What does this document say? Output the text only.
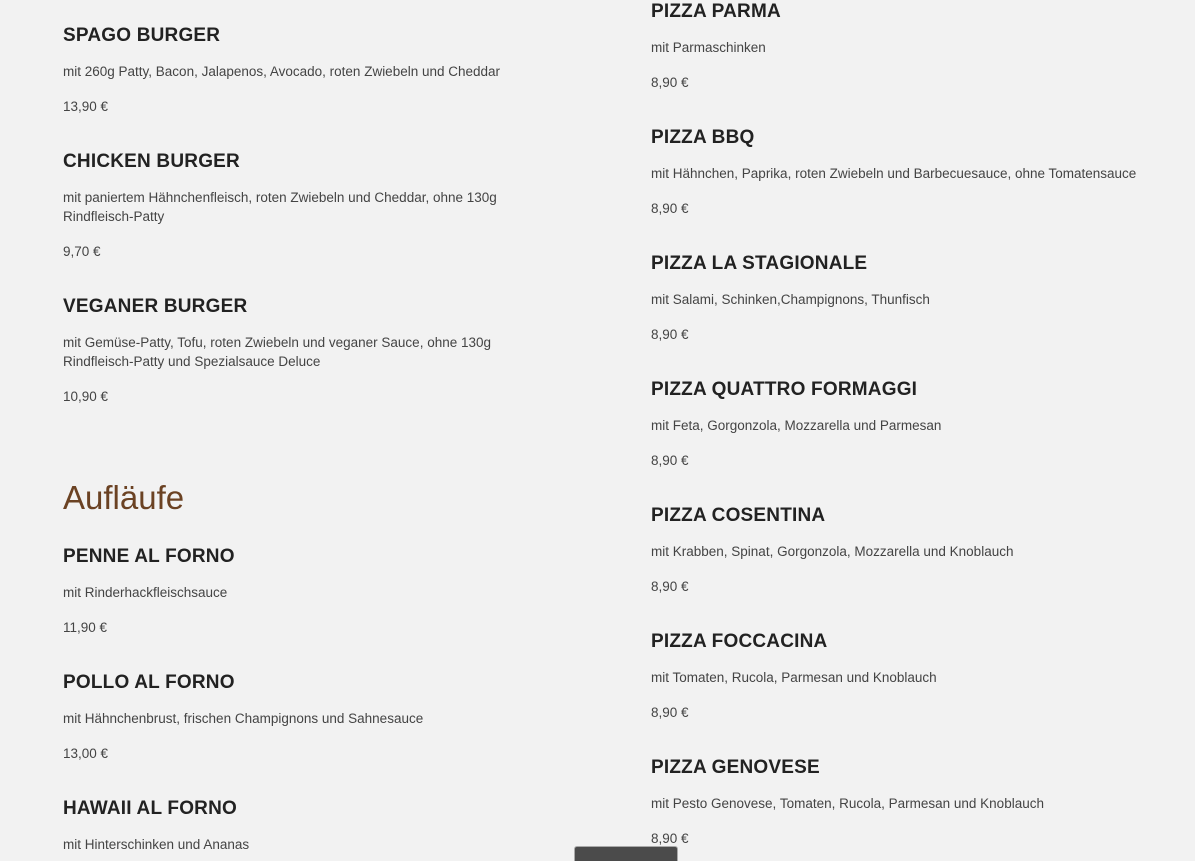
SPAGO BURGER

mit 260g Patty, Bacon, Jalapenos, Avocado, roten Zwiebeln und Cheddar

13,90 €

CHICKEN BURGER

mit paniertem Hähnchenfleisch, roten Zwiebeln und Cheddar, ohne 130g Rindfleisch-Patty

9,70 €

VEGANER BURGER

mit Gemüse-Patty, Tofu, roten Zwiebeln und veganer Sauce, ohne 130g Rindfleisch-Patty und Spezialsauce Deluce

10,90 €

Aufläufe
PENNE AL FORNO

mit Rinderhackfleischsauce

11,90 €

POLLO AL FORNO

mit Hähnchenbrust, frischen Champignons und Sahnesauce

13,00 €

HAWAII AL FORNO

mit Hinterschinken und Ananas

PIZZA PARMA

mit Parmaschinken

8,90 €

PIZZA BBQ

mit Hähnchen, Paprika, roten Zwiebeln und Barbecuesauce, ohne Tomatensauce

8,90 €

PIZZA LA STAGIONALE

mit Salami, Schinken,Champignons, Thunfisch

8,90 €

PIZZA QUATTRO FORMAGGI

mit Feta, Gorgonzola, Mozzarella und Parmesan

8,90 €

PIZZA COSENTINA

mit Krabben, Spinat, Gorgonzola, Mozzarella und Knoblauch

8,90 €

PIZZA FOCCACINA

mit Tomaten, Rucola, Parmesan und Knoblauch

8,90 €

PIZZA GENOVESE

mit Pesto Genovese, Tomaten, Rucola, Parmesan und Knoblauch

8,90 €
